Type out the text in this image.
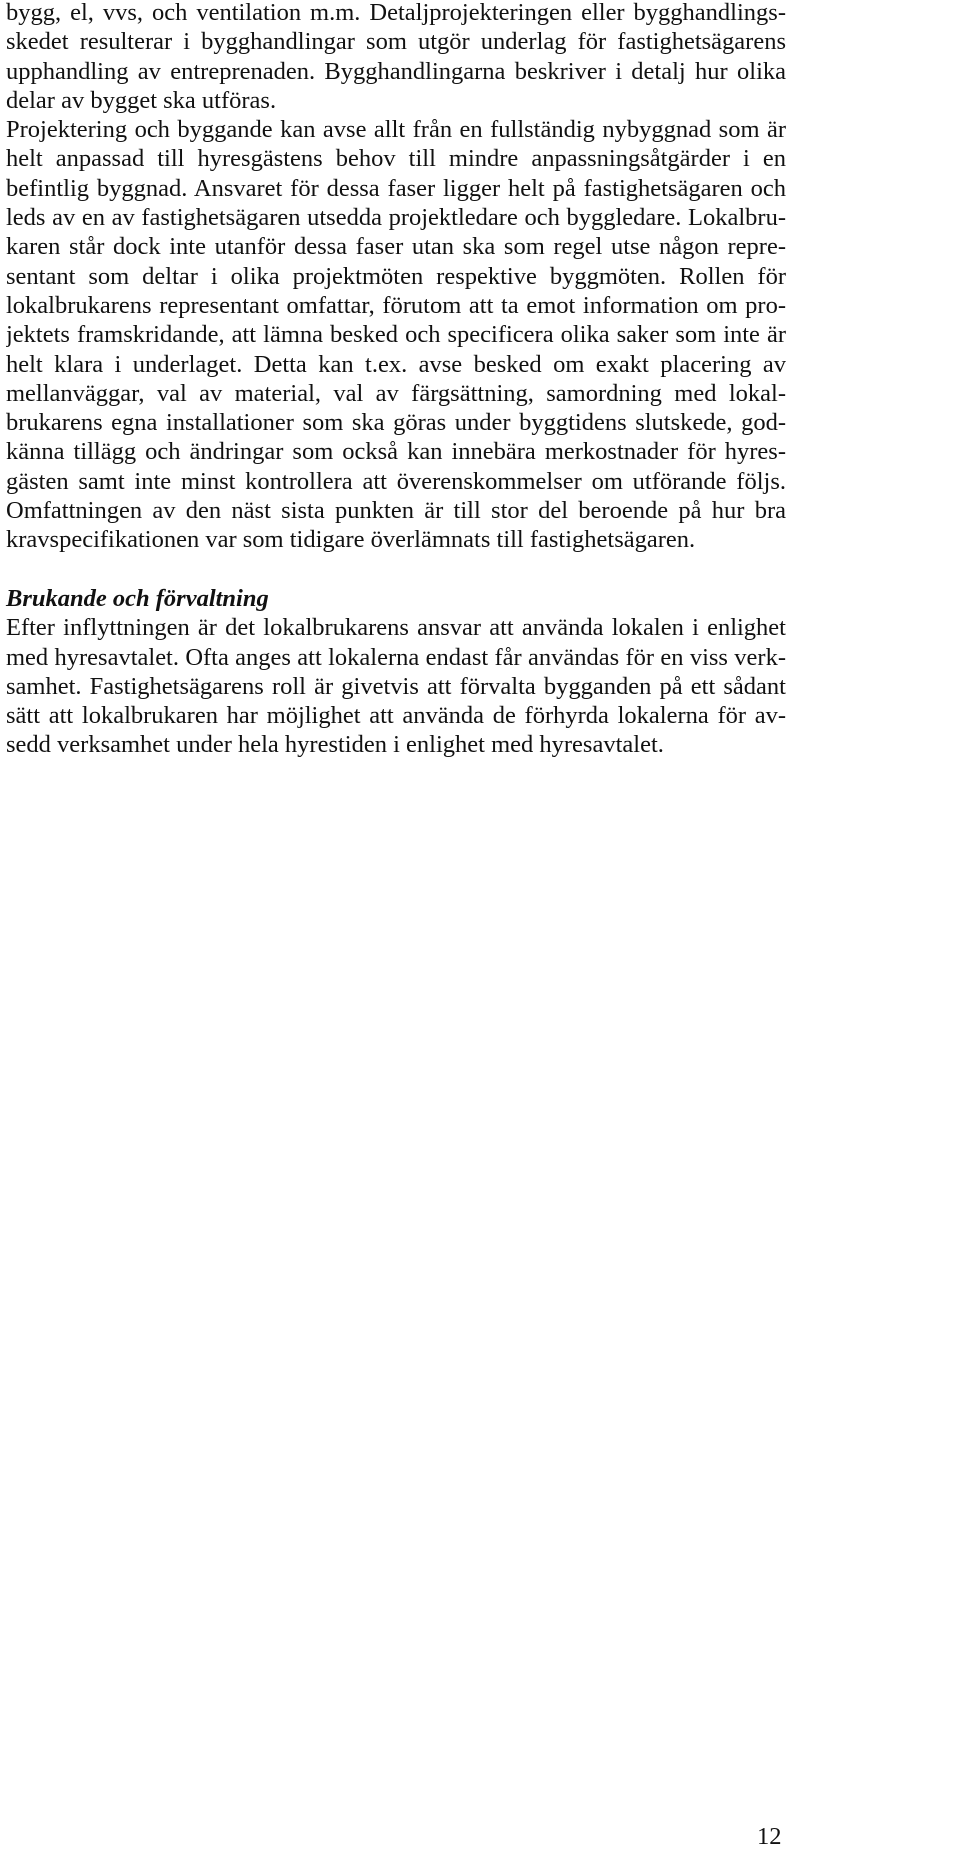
bygg, el, vvs, och ventilation m.m. Detaljprojekteringen eller bygghandlings-
skedet resulterar i bygghandlingar som utgör underlag för fastighetsägarens
upphandling av entreprenaden. Bygghandlingarna beskriver i detalj hur olika
delar av bygget ska utföras.
Projektering och byggande kan avse allt från en fullständig nybyggnad som är
helt anpassad till hyresgästens behov till mindre anpassningsåtgärder i en
befintlig byggnad. Ansvaret för dessa faser ligger helt på fastighetsägaren och
leds av en av fastighetsägaren utsedda projektledare och byggledare. Lokalbru-
karen står dock inte utanför dessa faser utan ska som regel utse någon repre-
sentant som deltar i olika projektmöten respektive byggmöten. Rollen för
lokalbrukarens representant omfattar, förutom att ta emot information om pro-
jektets framskridande, att lämna besked och specificera olika saker som inte är
helt klara i underlaget. Detta kan t.ex. avse besked om exakt placering av
mellanväggar, val av material, val av färgsättning, samordning med lokal-
brukarens egna installationer som ska göras under byggtidens slutskede, god-
känna tillägg och ändringar som också kan innebära merkostnader för hyres-
gästen samt inte minst kontrollera att överenskommelser om utförande följs.
Omfattningen av den näst sista punkten är till stor del beroende på hur bra
kravspecifikationen var som tidigare överlämnats till fastighetsägaren.
Brukande och förvaltning
Efter inflyttningen är det lokalbrukarens ansvar att använda lokalen i enlighet
med hyresavtalet. Ofta anges att lokalerna endast får användas för en viss verk-
samhet. Fastighetsägarens roll är givetvis att förvalta bygganden på ett sådant
sätt att lokalbrukaren har möjlighet att använda de förhyrda lokalerna för av-
sedd verksamhet under hela hyrestiden i enlighet med hyresavtalet.
12
